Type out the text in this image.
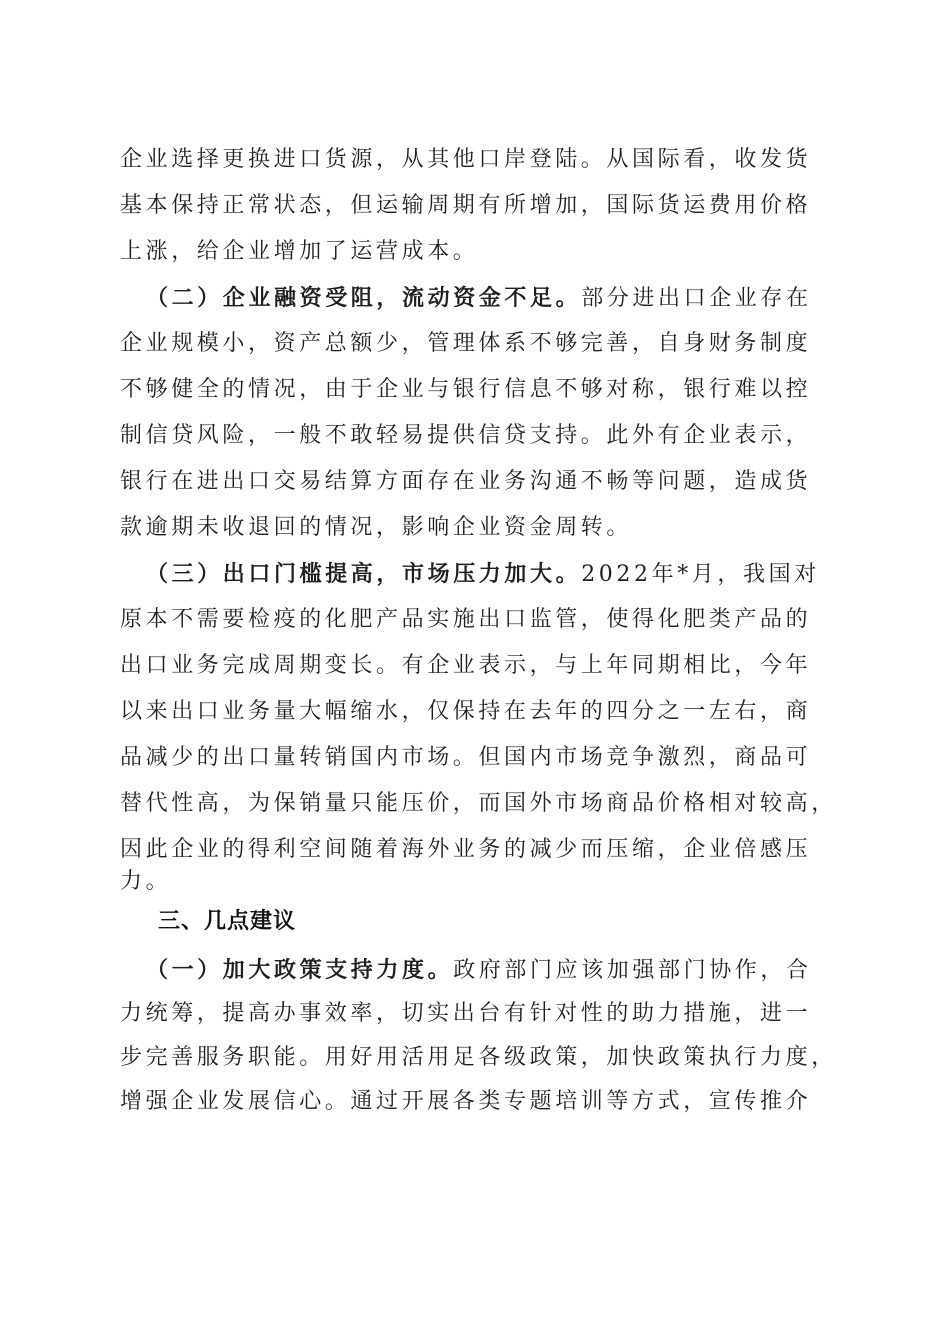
企业选择更换进口货源，从其他口岸登陆。从国际看，收发货
基本保持正常状态，但运输周期有所增加，国际货运费用价格
上涨，给企业增加了运营成本。
（二）企业融资受阻，流动资金不足。部分进出口企业存在
企业规模小，资产总额少，管理体系不够完善，自身财务制度
不够健全的情况，由于企业与银行信息不够对称，银行难以控
制信贷风险，一般不敢轻易提供信贷支持。此外有企业表示，
银行在进出口交易结算方面存在业务沟通不畅等问题，造成货
款逾期未收退回的情况，影响企业资金周转。
（三）出口门槛提高，市场压力加大。2022年*月，我国对
原本不需要检疫的化肥产品实施出口监管，使得化肥类产品的
出口业务完成周期变长。有企业表示，与上年同期相比，今年
以来出口业务量大幅缩水，仅保持在去年的四分之一左右，商
品减少的出口量转销国内市场。但国内市场竞争激烈，商品可
替代性高，为保销量只能压价，而国外市场商品价格相对较高，
因此企业的得利空间随着海外业务的减少而压缩，企业倍感压
力。
三、几点建议
（一）加大政策支持力度。政府部门应该加强部门协作，合
力统筹，提高办事效率，切实出台有针对性的助力措施，进一
步完善服务职能。用好用活用足各级政策，加快政策执行力度，
增强企业发展信心。通过开展各类专题培训等方式，宣传推介
